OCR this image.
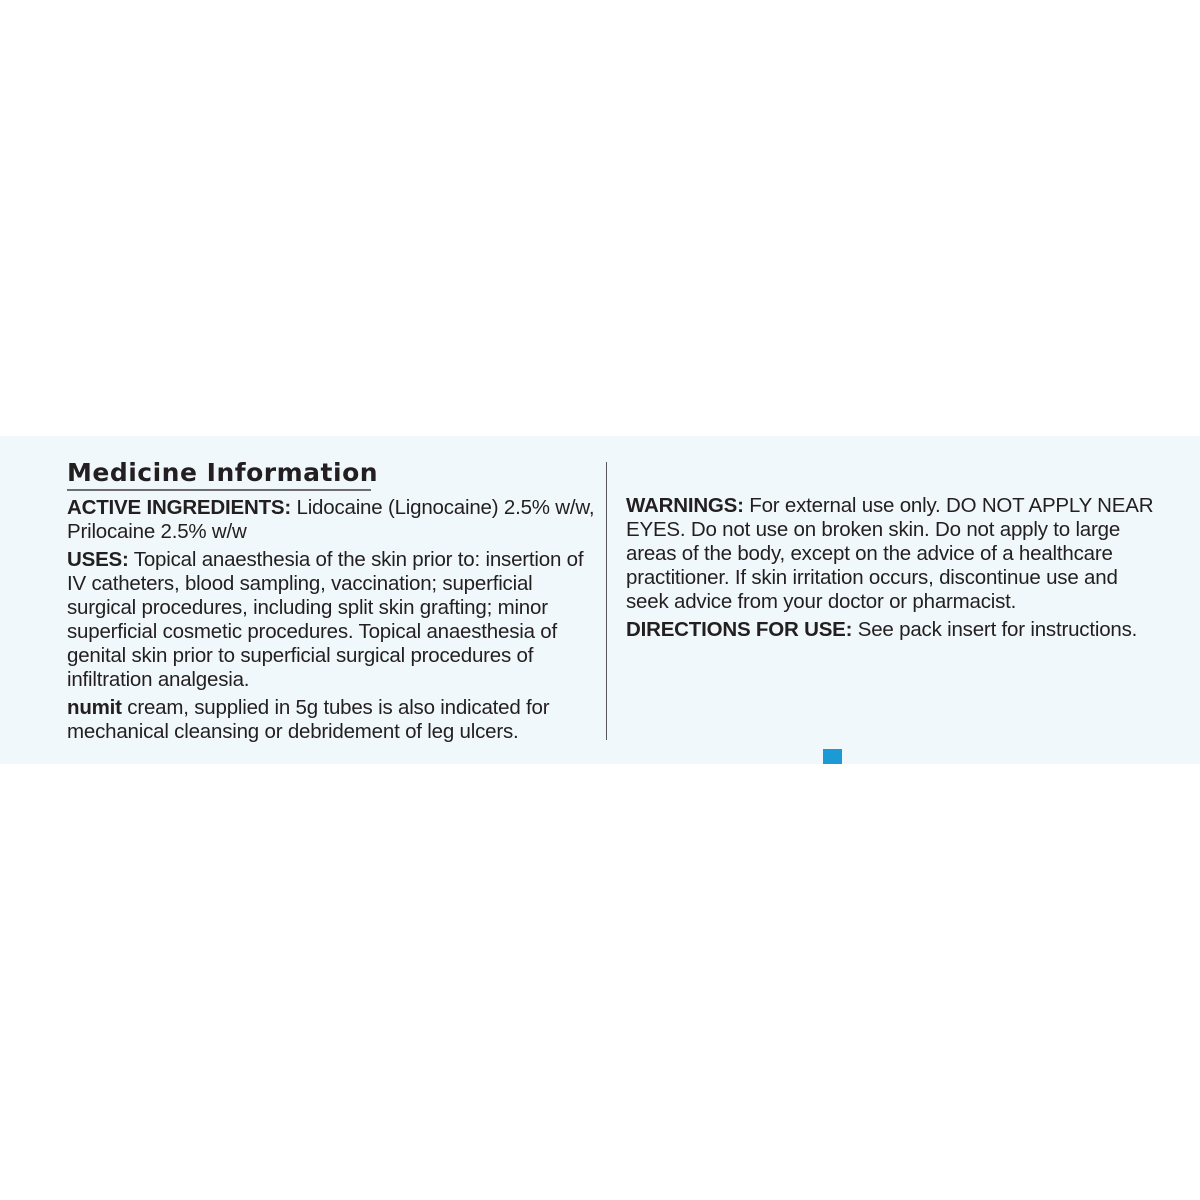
Medicine Information

ACTIVE INGREDIENTS: Lidocaine (Lignocaine) 2.5% w/w, Prilocaine 2.5% w/w

USES: Topical anaesthesia of the skin prior to: insertion of IV catheters, blood sampling, vaccination; superficial surgical procedures, including split skin grafting; minor superficial cosmetic procedures. Topical anaesthesia of genital skin prior to superficial surgical procedures of infiltration analgesia.

numit cream, supplied in 5g tubes is also indicated for mechanical cleansing or debridement of leg ulcers.

WARNINGS: For external use only. DO NOT APPLY NEAR EYES. Do not use on broken skin. Do not apply to large areas of the body, except on the advice of a healthcare practitioner. If skin irritation occurs, discontinue use and seek advice from your doctor or pharmacist.

DIRECTIONS FOR USE: See pack insert for instructions.
